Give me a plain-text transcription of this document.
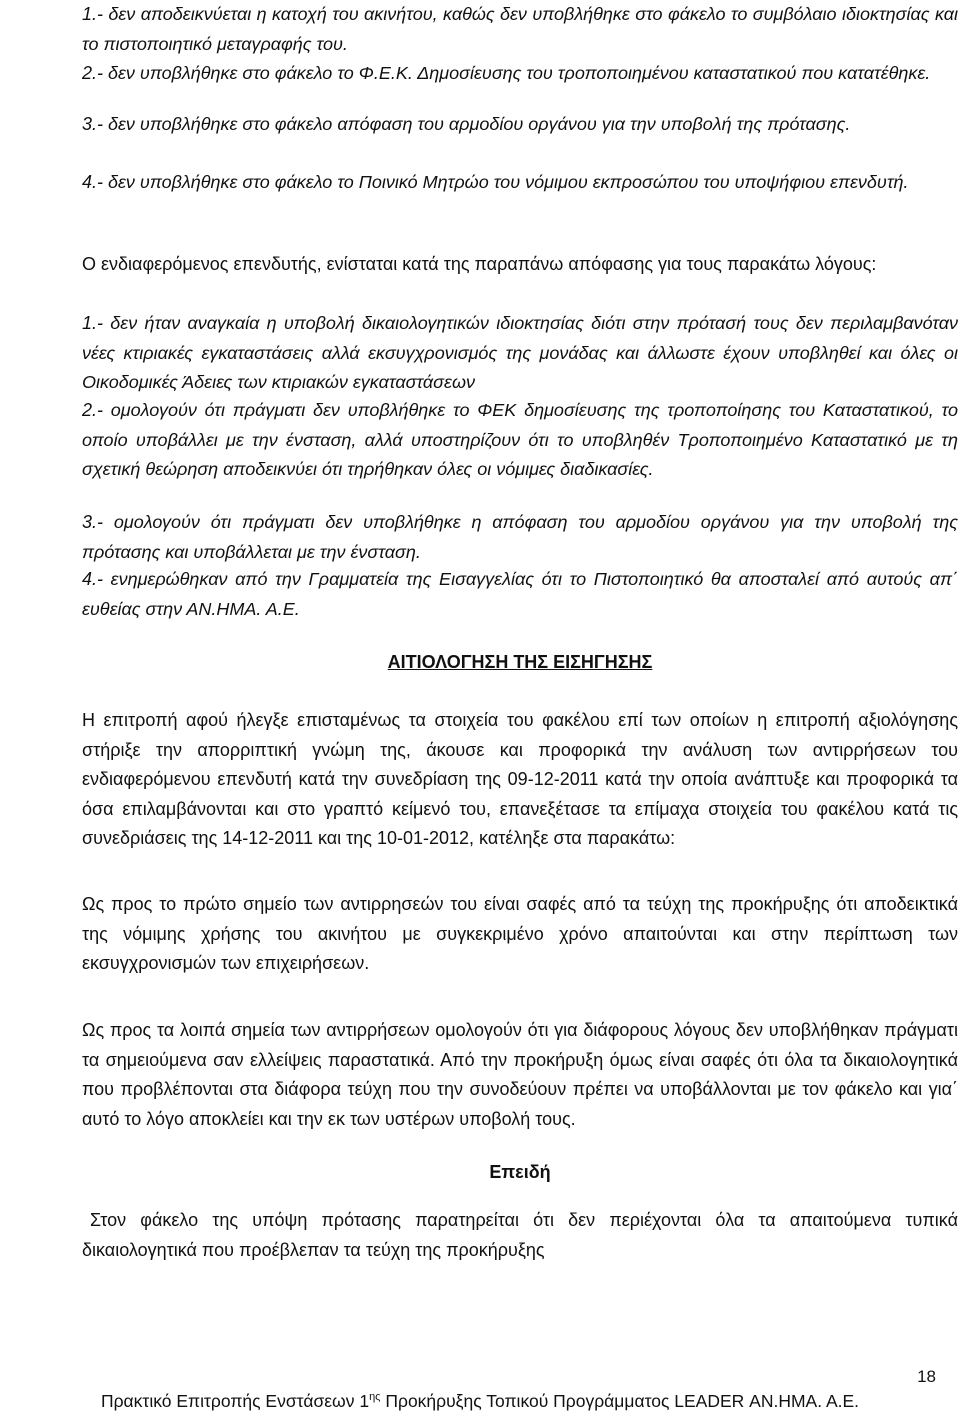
1.- δεν αποδεικνύεται η κατοχή του ακινήτου, καθώς δεν υποβλήθηκε στο φάκελο το συμβόλαιο ιδιοκτησίας και το πιστοποιητικό μεταγραφής του.

2.- δεν υποβλήθηκε στο φάκελο το Φ.Ε.Κ. Δημοσίευσης του τροποποιημένου καταστατικού που κατατέθηκε.

3.- δεν υποβλήθηκε στο φάκελο απόφαση του αρμοδίου οργάνου για την υποβολή της πρότασης.

4.- δεν υποβλήθηκε στο φάκελο το Ποινικό Μητρώο του νόμιμου εκπροσώπου του υποψήφιου επενδυτή.

Ο ενδιαφερόμενος επενδυτής, ενίσταται κατά της παραπάνω απόφασης για τους παρακάτω λόγους:

1.- δεν ήταν αναγκαία η υποβολή δικαιολογητικών ιδιοκτησίας διότι στην πρότασή τους δεν περιλαμβανόταν νέες κτιριακές εγκαταστάσεις αλλά εκσυγχρονισμός της μονάδας και άλλωστε έχουν υποβληθεί και όλες οι Οικοδομικές Άδειες των κτιριακών εγκαταστάσεων

2.- ομολογούν ότι πράγματι δεν υποβλήθηκε το ΦΕΚ δημοσίευσης της τροποποίησης του Καταστατικού, το οποίο υποβάλλει με την ένσταση, αλλά υποστηρίζουν ότι το υποβληθέν Τροποποιημένο Καταστατικό με τη σχετική θεώρηση αποδεικνύει ότι τηρήθηκαν όλες οι νόμιμες διαδικασίες.

3.- ομολογούν ότι πράγματι δεν υποβλήθηκε η απόφαση του αρμοδίου οργάνου για την υποβολή της πρότασης και υποβάλλεται με την ένσταση.

4.- ενημερώθηκαν από την Γραμματεία της Εισαγγελίας ότι το Πιστοποιητικό θα αποσταλεί από αυτούς απ΄ ευθείας στην ΑΝ.ΗΜΑ. Α.Ε.

ΑΙΤΙΟΛΟΓΗΣΗ ΤΗΣ ΕΙΣΗΓΗΣΗΣ

Η επιτροπή αφού ήλεγξε επισταμένως τα στοιχεία του φακέλου επί των οποίων η επιτροπή αξιολόγησης στήριξε την απορριπτική γνώμη της, άκουσε και προφορικά την ανάλυση των αντιρρήσεων του ενδιαφερόμενου επενδυτή κατά την συνεδρίαση της 09-12-2011 κατά την οποία ανάπτυξε και προφορικά τα όσα επιλαμβάνονται και στο γραπτό κείμενό του, επανεξέτασε τα επίμαχα στοιχεία του φακέλου κατά τις συνεδριάσεις της 14-12-2011 και της 10-01-2012, κατέληξε στα παρακάτω:

Ως προς το πρώτο σημείο των αντιρρησεών του είναι σαφές από τα τεύχη της προκήρυξης ότι αποδεικτικά της νόμιμης χρήσης του ακινήτου με συγκεκριμένο χρόνο απαιτούνται και στην περίπτωση των εκσυγχρονισμών των επιχειρήσεων.

Ως προς τα λοιπά σημεία των αντιρρήσεων ομολογούν ότι για διάφορους λόγους δεν υποβλήθηκαν πράγματι τα σημειούμενα σαν ελλείψεις παραστατικά. Από την προκήρυξη όμως είναι σαφές ότι όλα τα δικαιολογητικά που προβλέπονται στα διάφορα τεύχη που την συνοδεύουν πρέπει να υποβάλλονται με τον φάκελο και για΄ αυτό το λόγο αποκλείει και την εκ των υστέρων υποβολή τους.

Επειδή

Στον φάκελο της υπόψη πρότασης παρατηρείται ότι δεν περιέχονται όλα τα απαιτούμενα τυπικά δικαιολογητικά που προέβλεπαν τα τεύχη της προκήρυξης

18
Πρακτικό Επιτροπής Ενστάσεων $1^{\eta\varsigma}$ Προκήρυξης Τοπικού Προγράμματος LEADER ΑΝ.ΗΜΑ. Α.Ε.
